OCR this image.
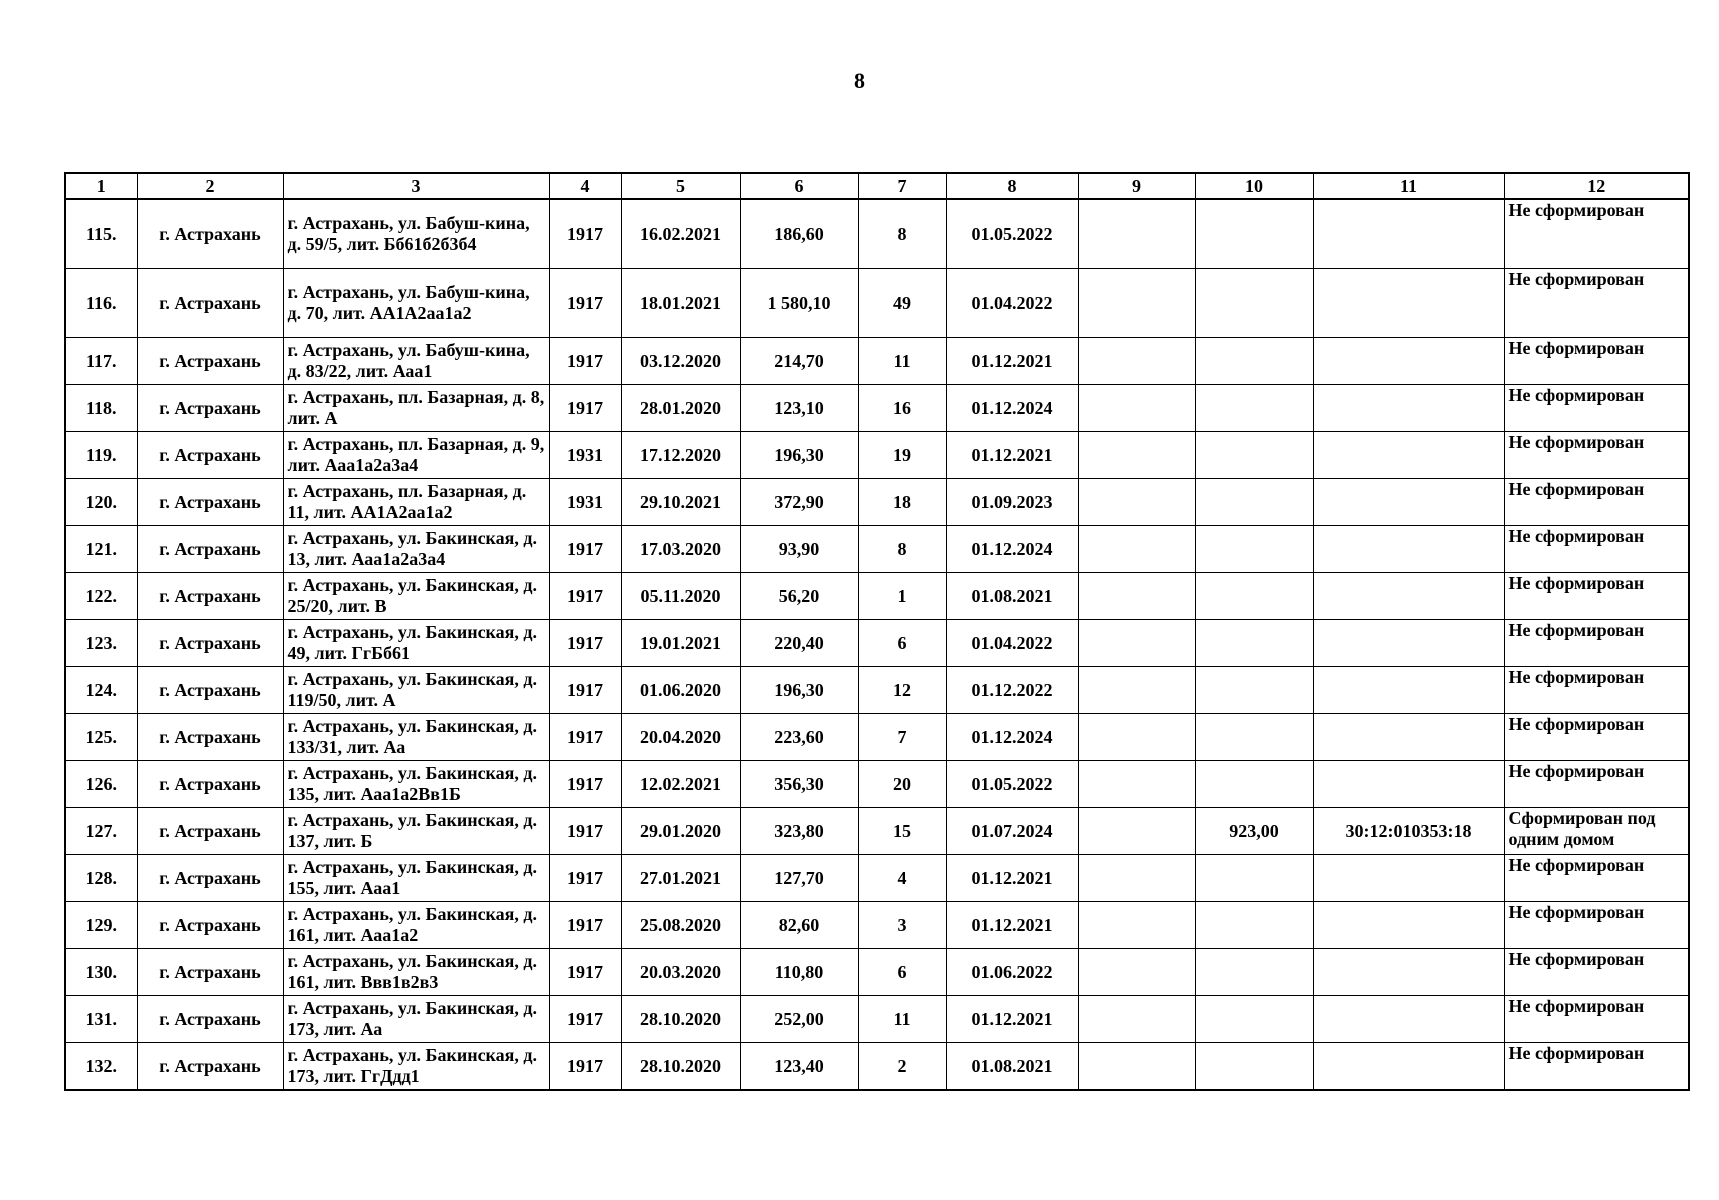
8
1	2	3	4	5	6	7	8	9	10	11	12
115.	г. Астрахань	г. Астрахань, ул. Бабуш-кина, д. 59/5, лит. Бб61б2б3б4	1917	16.02.2021	186,60	8	01.05.2022				Не сформирован
116.	г. Астрахань	г. Астрахань, ул. Бабуш-кина, д. 70, лит. АА1А2аа1а2	1917	18.01.2021	1 580,10	49	01.04.2022				Не сформирован
117.	г. Астрахань	г. Астрахань, ул. Бабуш-кина, д. 83/22, лит. Ааа1	1917	03.12.2020	214,70	11	01.12.2021				Не сформирован
118.	г. Астрахань	г. Астрахань, пл. Базарная, д. 8, лит. А	1917	28.01.2020	123,10	16	01.12.2024				Не сформирован
119.	г. Астрахань	г. Астрахань, пл. Базарная, д. 9, лит. Ааа1а2а3а4	1931	17.12.2020	196,30	19	01.12.2021				Не сформирован
120.	г. Астрахань	г. Астрахань, пл. Базарная, д. 11, лит. АА1А2аа1а2	1931	29.10.2021	372,90	18	01.09.2023				Не сформирован
121.	г. Астрахань	г. Астрахань, ул. Бакинская, д. 13, лит. Ааа1а2а3а4	1917	17.03.2020	93,90	8	01.12.2024				Не сформирован
122.	г. Астрахань	г. Астрахань, ул. Бакинская, д. 25/20, лит. В	1917	05.11.2020	56,20	1	01.08.2021				Не сформирован
123.	г. Астрахань	г. Астрахань, ул. Бакинская, д. 49, лит. ГгБб61	1917	19.01.2021	220,40	6	01.04.2022				Не сформирован
124.	г. Астрахань	г. Астрахань, ул. Бакинская, д. 119/50, лит. А	1917	01.06.2020	196,30	12	01.12.2022				Не сформирован
125.	г. Астрахань	г. Астрахань, ул. Бакинская, д. 133/31, лит. Аа	1917	20.04.2020	223,60	7	01.12.2024				Не сформирован
126.	г. Астрахань	г. Астрахань, ул. Бакинская, д. 135, лит. Ааа1а2Вв1Б	1917	12.02.2021	356,30	20	01.05.2022				Не сформирован
127.	г. Астрахань	г. Астрахань, ул. Бакинская, д. 137, лит. Б	1917	29.01.2020	323,80	15	01.07.2024		923,00	30:12:010353:18	Сформирован под одним домом
128.	г. Астрахань	г. Астрахань, ул. Бакинская, д. 155, лит. Ааа1	1917	27.01.2021	127,70	4	01.12.2021				Не сформирован
129.	г. Астрахань	г. Астрахань, ул. Бакинская, д. 161, лит. Ааа1а2	1917	25.08.2020	82,60	3	01.12.2021				Не сформирован
130.	г. Астрахань	г. Астрахань, ул. Бакинская, д. 161, лит. Ввв1в2в3	1917	20.03.2020	110,80	6	01.06.2022				Не сформирован
131.	г. Астрахань	г. Астрахань, ул. Бакинская, д. 173, лит. Аа	1917	28.10.2020	252,00	11	01.12.2021				Не сформирован
132.	г. Астрахань	г. Астрахань, ул. Бакинская, д. 173, лит. ГгДдд1	1917	28.10.2020	123,40	2	01.08.2021				Не сформирован
